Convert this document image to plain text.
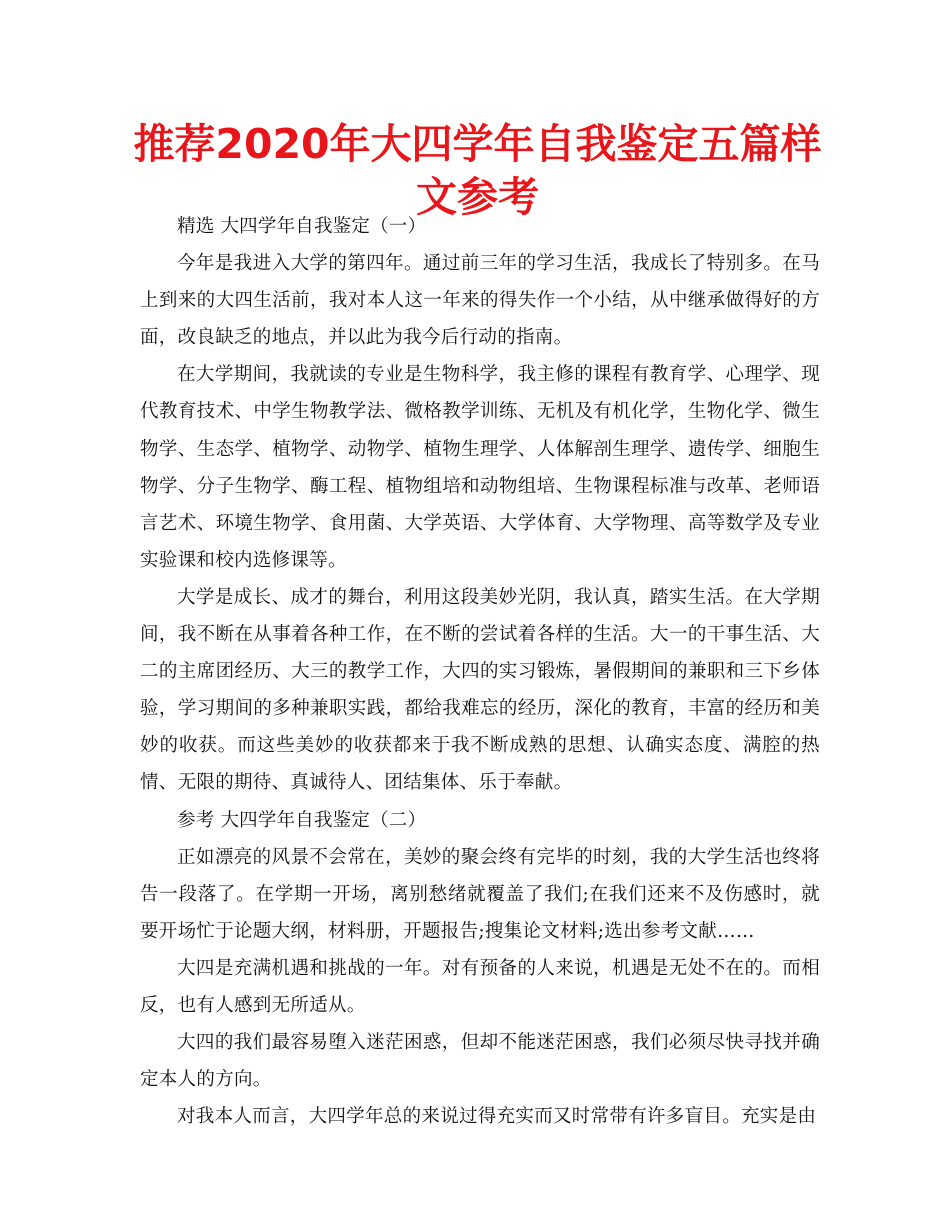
推荐2020年大四学年自我鉴定五篇样文参考

精选 大四学年自我鉴定（一）

今年是我进入大学的第四年。通过前三年的学习生活，我成长了特别多。在马上到来的大四生活前，我对本人这一年来的得失作一个小结，从中继承做得好的方面，改良缺乏的地点，并以此为我今后行动的指南。

在大学期间，我就读的专业是生物科学，我主修的课程有教育学、心理学、现代教育技术、中学生物教学法、微格教学训练、无机及有机化学，生物化学、微生物学、生态学、植物学、动物学、植物生理学、人体解剖生理学、遗传学、细胞生物学、分子生物学、酶工程、植物组培和动物组培、生物课程标准与改革、老师语言艺术、环境生物学、食用菌、大学英语、大学体育、大学物理、高等数学及专业实验课和校内选修课等。

大学是成长、成才的舞台，利用这段美妙光阴，我认真，踏实生活。在大学期间，我不断在从事着各种工作，在不断的尝试着各样的生活。大一的干事生活、大二的主席团经历、大三的教学工作，大四的实习锻炼，暑假期间的兼职和三下乡体验，学习期间的多种兼职实践，都给我难忘的经历，深化的教育，丰富的经历和美妙的收获。而这些美妙的收获都来于我不断成熟的思想、认确实态度、满腔的热情、无限的期待、真诚待人、团结集体、乐于奉献。

参考 大四学年自我鉴定（二）

正如漂亮的风景不会常在，美妙的聚会终有完毕的时刻，我的大学生活也终将告一段落了。在学期一开场，离别愁绪就覆盖了我们;在我们还来不及伤感时，就要开场忙于论题大纲，材料册，开题报告;搜集论文材料;选出参考文献……

大四是充满机遇和挑战的一年。对有预备的人来说，机遇是无处不在的。而相反，也有人感到无所适从。

大四的我们最容易堕入迷茫困惑，但却不能迷茫困惑，我们必须尽快寻找并确定本人的方向。

对我本人而言，大四学年总的来说过得充实而又时常带有许多盲目。充实是由
